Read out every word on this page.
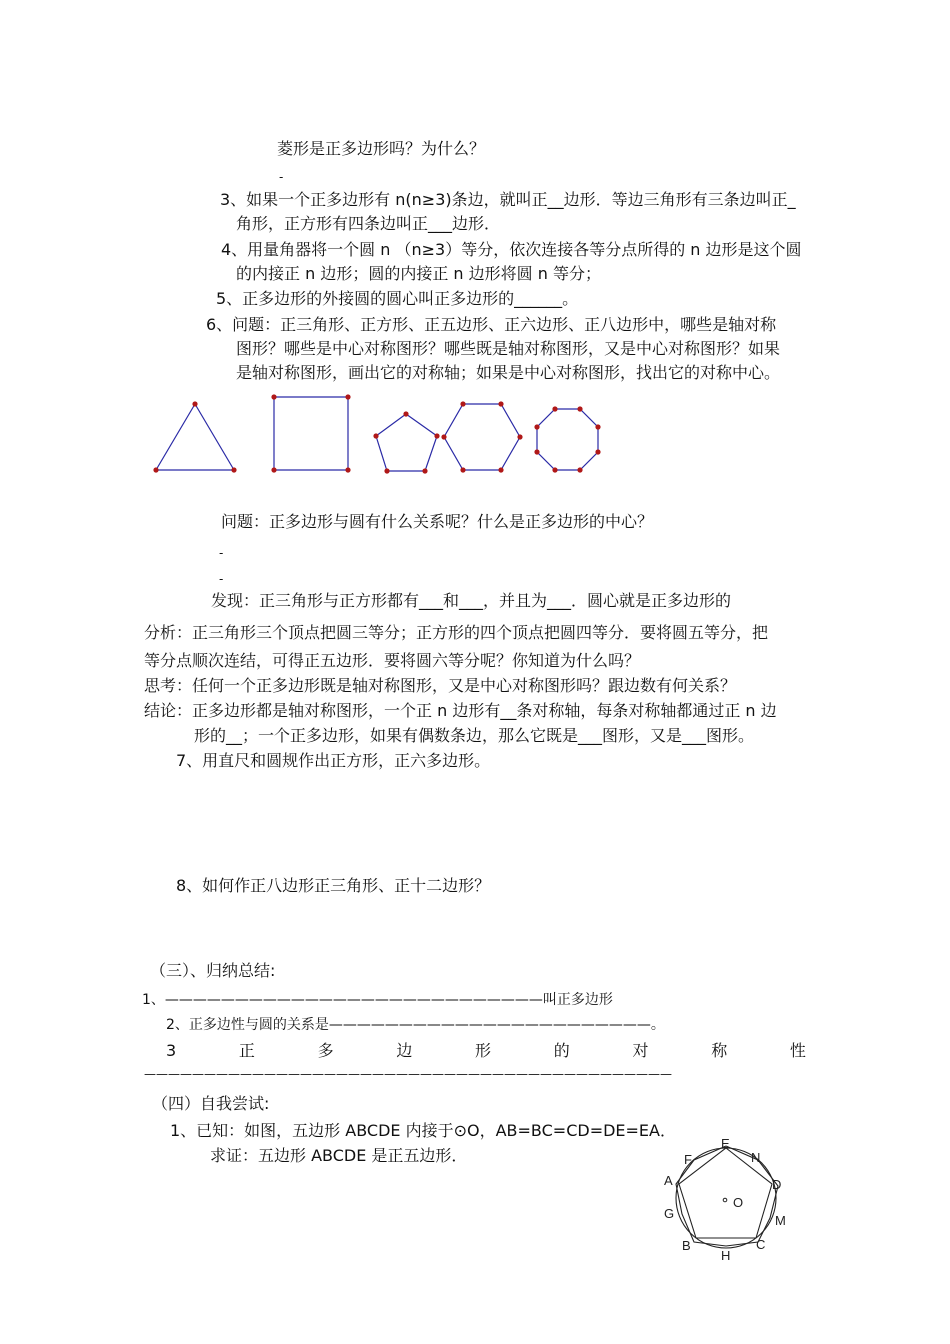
菱形是正多边形吗？为什么？
-
3、如果一个正多边形有 n(n≥3)条边，就叫正__边形．等边三角形有三条边叫正_
角形，正方形有四条边叫正___边形．
4、用量角器将一个圆 n （n≥3）等分，依次连接各等分点所得的 n 边形是这个圆
的内接正 n 边形；圆的内接正 n 边形将圆 n 等分；
5、正多边形的外接圆的圆心叫正多边形的______。
6、问题：正三角形、正方形、正五边形、正六边形、正八边形中，哪些是轴对称
图形？哪些是中心对称图形？哪些既是轴对称图形，又是中心对称图形？如果
是轴对称图形，画出它的对称轴；如果是中心对称图形，找出它的对称中心。
问题：正多边形与圆有什么关系呢？什么是正多边形的中心？
-
-
发现：正三角形与正方形都有___和___，并且为___．圆心就是正多边形的
分析：正三角形三个顶点把圆三等分；正方形的四个顶点把圆四等分．要将圆五等分，把
等分点顺次连结，可得正五边形．要将圆六等分呢？你知道为什么吗？
思考：任何一个正多边形既是轴对称图形，又是中心对称图形吗？跟边数有何关系？
结论：正多边形都是轴对称图形，一个正 n 边形有__条对称轴，每条对称轴都通过正 n 边
形的__；一个正多边形，如果有偶数条边，那么它既是___图形，又是___图形。
7、用直尺和圆规作出正方形，正六多边形。
8、如何作正八边形正三角形、正十二边形？
（三）、归纳总结:
1、———————————————————————————叫正多边形
2、正多边性与圆的关系是———————————————————————。
3	正	多	边	形	的	对	称	性
————————————————————————————————————————————
（四）自我尝试:
1、已知：如图，五边形 ABCDE 内接于⊙O，AB=BC=CD=DE=EA．
求证：五边形 ABCDE 是正五边形．
E
N
F
A	D
O
G	M
B	C
H
